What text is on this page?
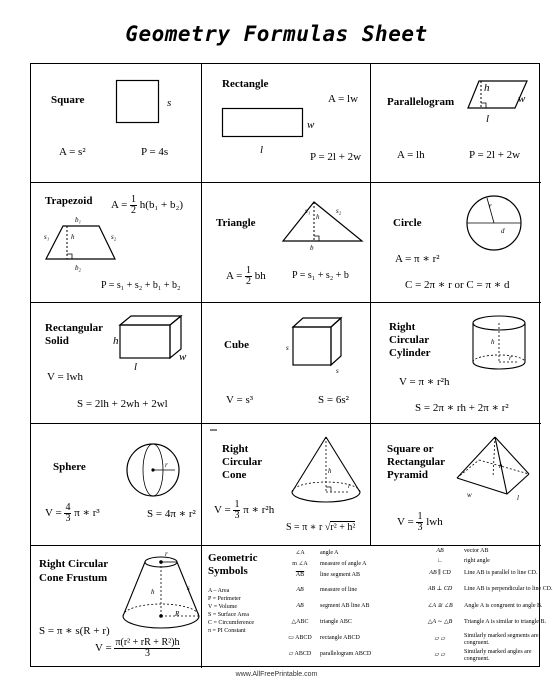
Geometry Formulas Sheet
Square	s
A = s²	P = 4s
Rectangle
A = lw
w
l
P = 2l + 2w
Parallelogram
h
w
l
A = lh	P = 2l + 2w
Trapezoid $A = \frac{1}{2} h(b_1 + b_2)$
b₁
s₁	h	s₂
b₂
P = s₁ + s₂ + b₁ + b₂
Triangle
s₁
h
s₂
b
$A = \frac{1}{2}$ bh	P = s₁ + s₂ + b
Circle
r
d
A = π ∗ r²
C = 2π ∗ r or C = π ∗ d
Rectangular
Solid	h
l
w
V = lwh
S = 2lh + 2wh + 2wl
Cube	s
s
V = s³	S = 6s²
Right
Circular
Cylinder
h
r
V = π ∗ r²h
S = 2π ∗ rh + 2π ∗ r²
Sphere	r
$V = \frac{4}{3}$ π ∗ r³	S = 4π ∗ r²
Right
Circular
Cone	h
r
$V = \frac{1}{3}$ π ∗ r²h
S = π ∗ r √r² + h²
Square or
Rectangular
Pyramid
h
w	l
$V = \frac{1}{3}$ lwh
Right Circular
Cone Frustum
r
s
h
R
S = π ∗ s(R + r)
$V = \frac{\text{π(r² + rR + R²)h}}{3}$
Geometric
Symbols
A – Area
P = Perimeter
V = Volume
S = Surface Area
C = Circumference
π = PI Constant
∠A	angle A
m ∠A	measure of angle A
$\overline{AB}$	line segment AB
AB	measure of line
AB	segment AB line AB
△ABC	triangle ABC
▭ ABCD	rectangle ABCD
▱ ABCD	parallelogram ABCD
AB	vector AB
∟	right angle
AB ∥ CD	Line AB is parallel to line CD.
AB ⊥ CD	Line AB is perpendicular to line CD.
∠A ≅ ∠B	Angle A is congruent to angle B.
△A ∼ △B	Triangle A is similar to triangle B.
▱ ▱	Similarly marked segments are congruent.
▱ ▱	Similarly marked angles are congruent.
www.AllFreePrintable.com
